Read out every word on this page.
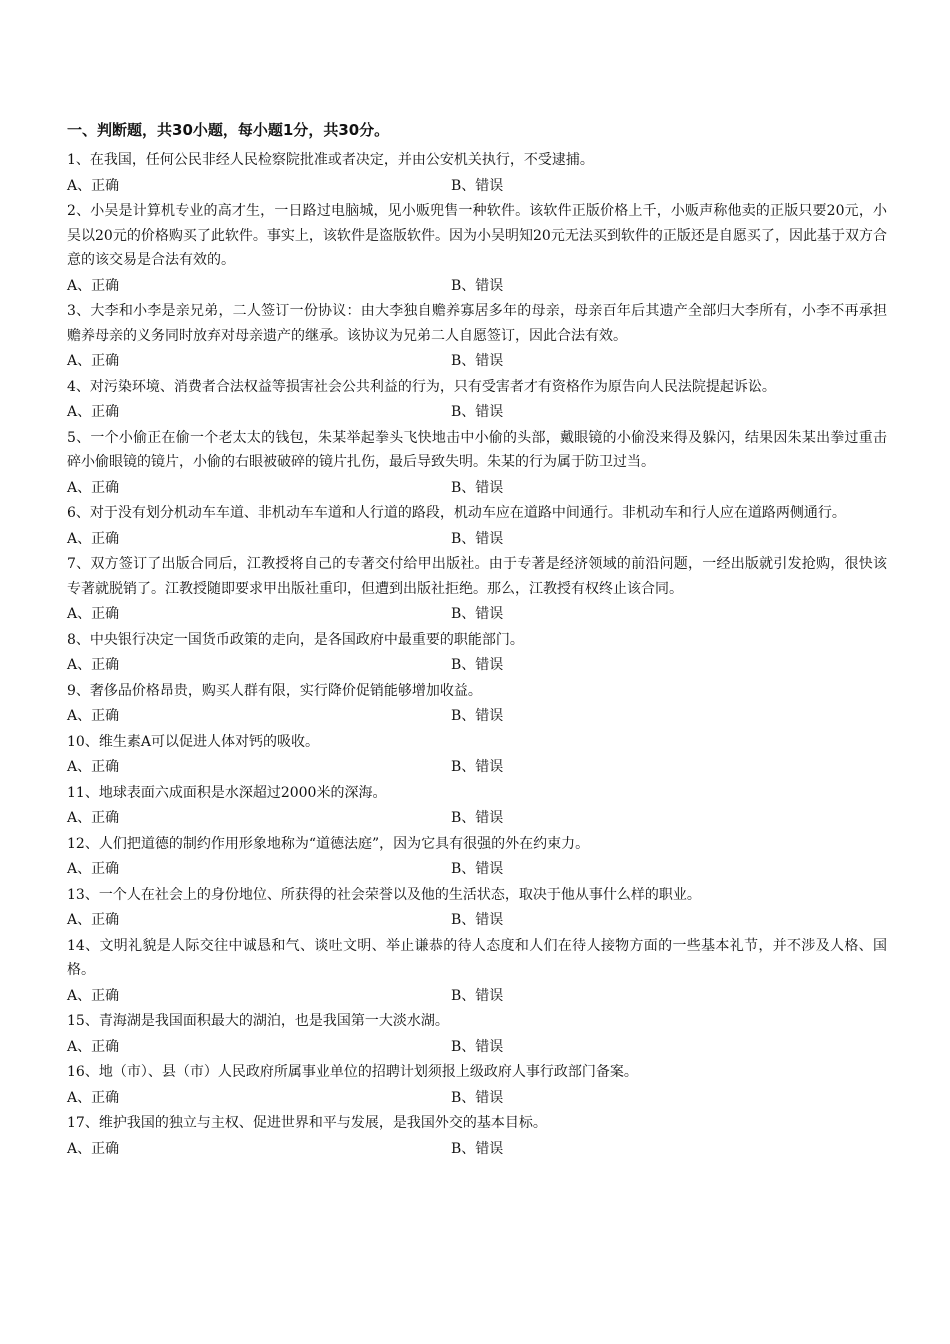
一、判断题，共30小题，每小题1分，共30分。

1、在我国，任何公民非经人民检察院批准或者决定，并由公安机关执行，不受逮捕。

A、正确	B、错误

2、小吴是计算机专业的高才生，一日路过电脑城，见小贩兜售一种软件。该软件正版价格上千，小贩声称他卖的正版只要20元，小吴以20元的价格购买了此软件。事实上，该软件是盗版软件。因为小吴明知20元无法买到软件的正版还是自愿买了，因此基于双方合意的该交易是合法有效的。

A、正确	B、错误

3、大李和小李是亲兄弟，二人签订一份协议：由大李独自赡养寡居多年的母亲，母亲百年后其遗产全部归大李所有，小李不再承担赡养母亲的义务同时放弃对母亲遗产的继承。该协议为兄弟二人自愿签订，因此合法有效。

A、正确	B、错误

4、对污染环境、消费者合法权益等损害社会公共利益的行为，只有受害者才有资格作为原告向人民法院提起诉讼。

A、正确	B、错误

5、一个小偷正在偷一个老太太的钱包，朱某举起拳头飞快地击中小偷的头部，戴眼镜的小偷没来得及躲闪，结果因朱某出拳过重击碎小偷眼镜的镜片，小偷的右眼被破碎的镜片扎伤，最后导致失明。朱某的行为属于防卫过当。

A、正确	B、错误

6、对于没有划分机动车车道、非机动车车道和人行道的路段，机动车应在道路中间通行。非机动车和行人应在道路两侧通行。

A、正确	B、错误

7、双方签订了出版合同后，江教授将自己的专著交付给甲出版社。由于专著是经济领域的前沿问题，一经出版就引发抢购，很快该专著就脱销了。江教授随即要求甲出版社重印，但遭到出版社拒绝。那么，江教授有权终止该合同。

A、正确	B、错误

8、中央银行决定一国货币政策的走向，是各国政府中最重要的职能部门。

A、正确	B、错误

9、奢侈品价格昂贵，购买人群有限，实行降价促销能够增加收益。

A、正确	B、错误

10、维生素A可以促进人体对钙的吸收。

A、正确	B、错误

11、地球表面六成面积是水深超过2000米的深海。

A、正确	B、错误

12、人们把道德的制约作用形象地称为“道德法庭”，因为它具有很强的外在约束力。

A、正确	B、错误

13、一个人在社会上的身份地位、所获得的社会荣誉以及他的生活状态，取决于他从事什么样的职业。

A、正确	B、错误

14、文明礼貌是人际交往中诚恳和气、谈吐文明、举止谦恭的待人态度和人们在待人接物方面的一些基本礼节，并不涉及人格、国格。

A、正确	B、错误

15、青海湖是我国面积最大的湖泊，也是我国第一大淡水湖。

A、正确	B、错误

16、地（市）、县（市）人民政府所属事业单位的招聘计划须报上级政府人事行政部门备案。

A、正确	B、错误

17、维护我国的独立与主权、促进世界和平与发展，是我国外交的基本目标。

A、正确	B、错误
